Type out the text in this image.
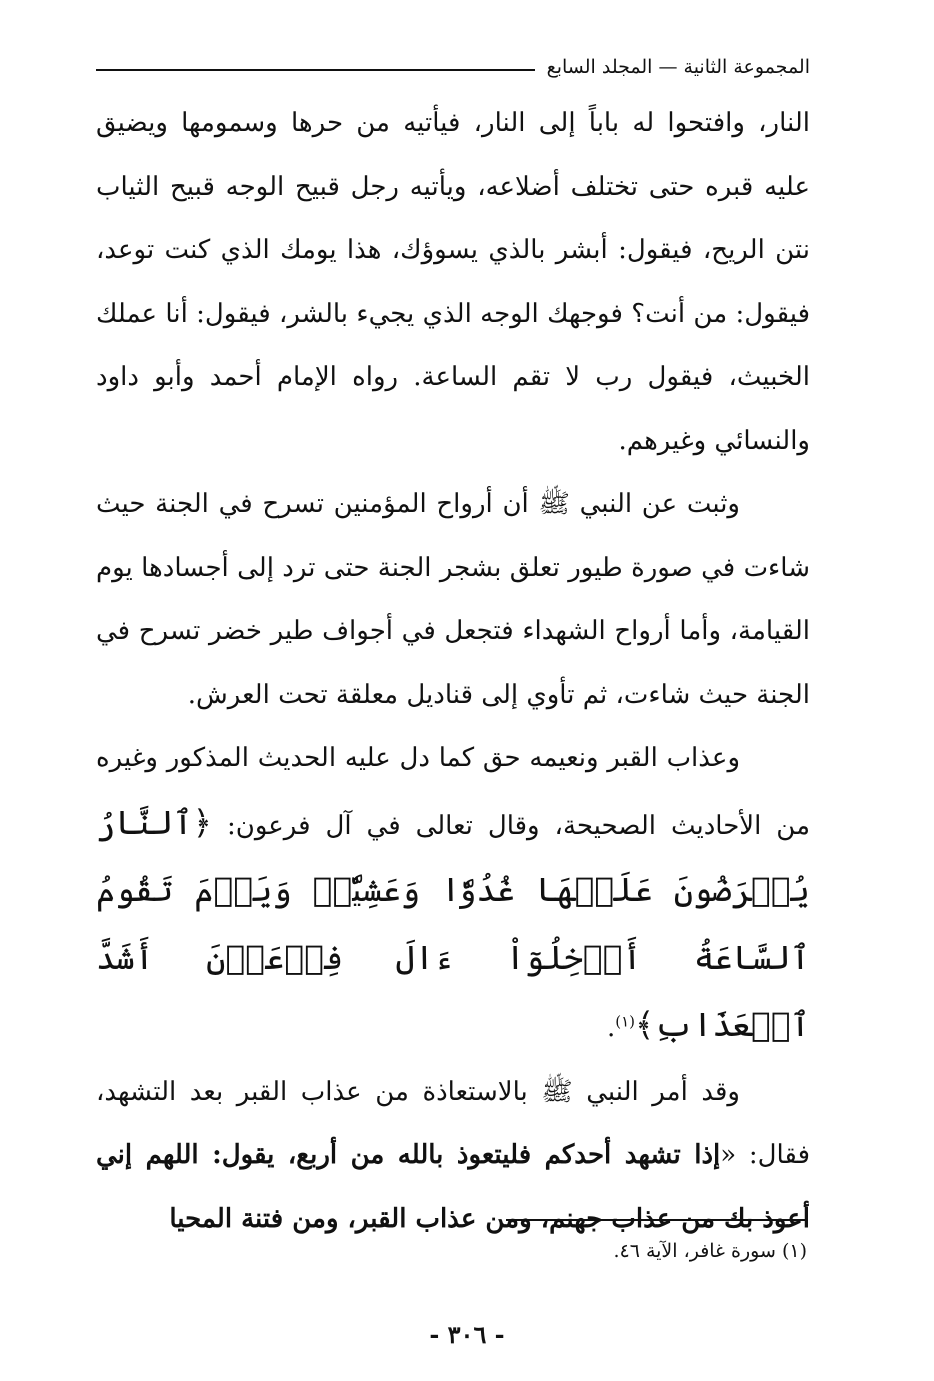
المجموعة الثانية — المجلد السابع

النار، وافتحوا له باباً إلى النار، فيأتيه من حرها وسمومها ويضيق عليه قبره حتى تختلف أضلاعه، ويأتيه رجل قبيح الوجه قبيح الثياب نتن الريح، فيقول: أبشر بالذي يسوؤك، هذا يومك الذي كنت توعد، فيقول: من أنت؟ فوجهك الوجه الذي يجيء بالشر، فيقول: أنا عملك الخبيث، فيقول رب لا تقم الساعة. رواه الإمام أحمد وأبو داود والنسائي وغيرهم.

وثبت عن النبي ﷺ أن أرواح المؤمنين تسرح في الجنة حيث شاءت في صورة طيور تعلق بشجر الجنة حتى ترد إلى أجسادها يوم القيامة، وأما أرواح الشهداء فتجعل في أجواف طير خضر تسرح في الجنة حيث شاءت، ثم تأوي إلى قناديل معلقة تحت العرش.

وعذاب القبر ونعيمه حق كما دل عليه الحديث المذكور وغيره من الأحاديث الصحيحة، وقال تعالى في آل فرعون: ﴿ٱلنَّارُ يُعۡرَضُونَ عَلَيۡهَا غُدُوّٗا وَعَشِيّٗاۚ وَيَوۡمَ تَقُومُ ٱلسَّاعَةُ أَدۡخِلُوٓاْ ءَالَ فِرۡعَوۡنَ أَشَدَّ ٱلۡعَذَابِ﴾$^{(١)}$.

وقد أمر النبي ﷺ بالاستعاذة من عذاب القبر بعد التشهد، فقال: «إذا تشهد أحدكم فليتعوذ بالله من أربع، يقول: اللهم إني أعوذ بك من عذاب جهنم، ومن عذاب القبر، ومن فتنة المحيا

(١) سورة غافر، الآية ٤٦.
- ٣٠٦ -
